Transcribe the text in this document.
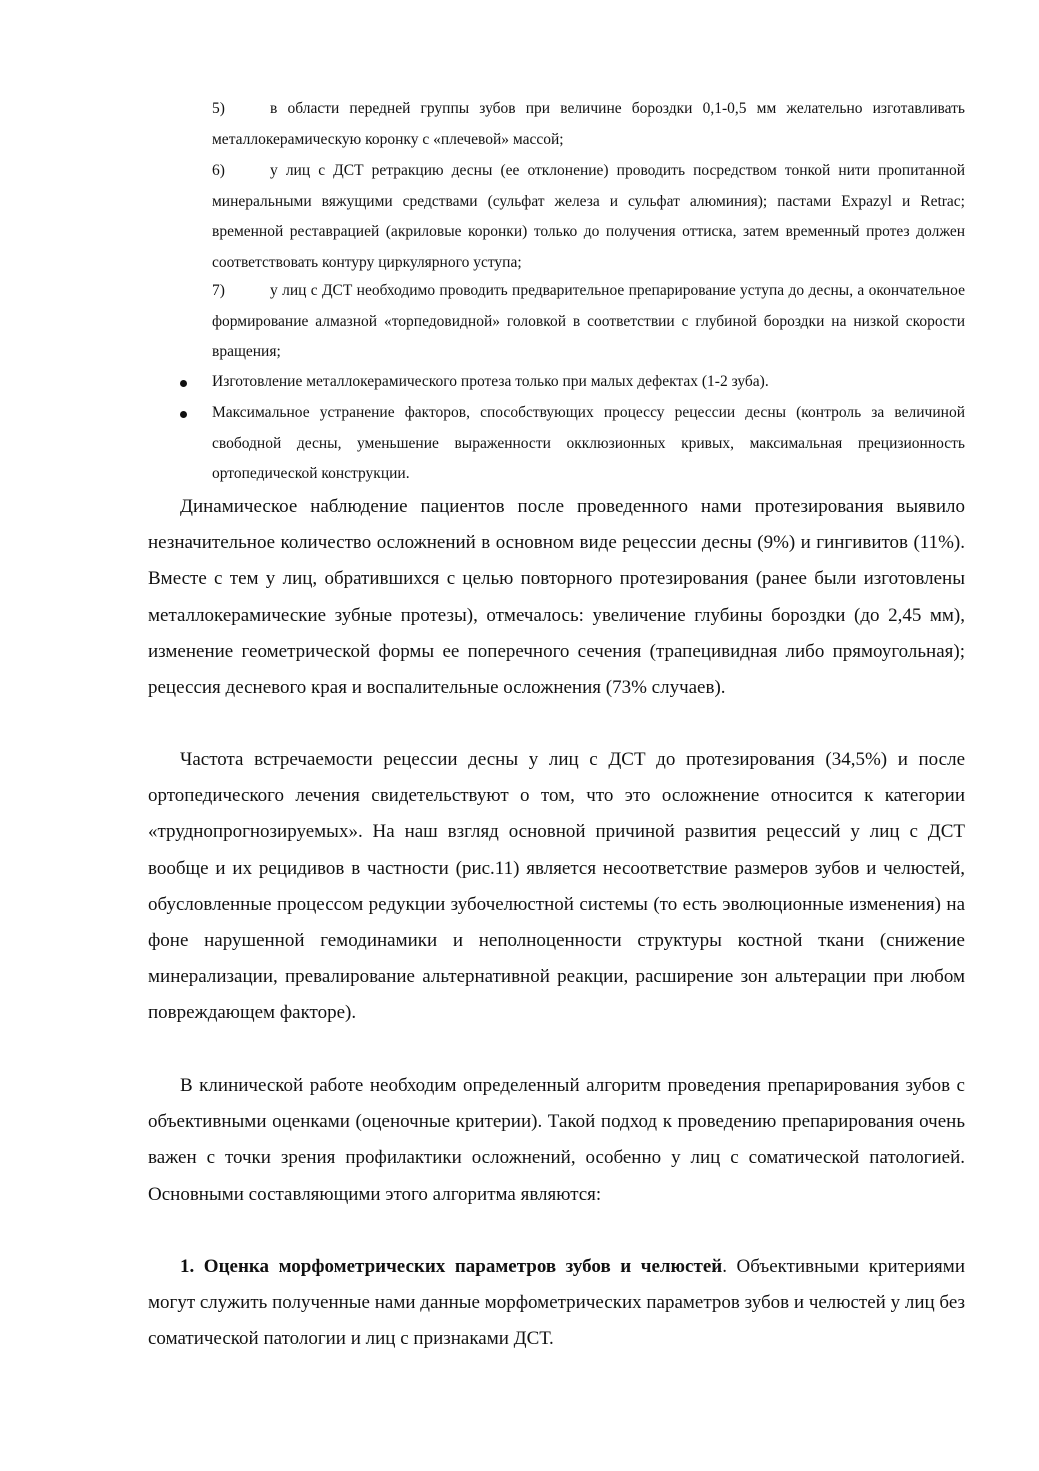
5)	в области передней группы зубов при величине бороздки 0,1-0,5 мм желательно изготавливать металлокерамическую коронку с «плечевой» массой;
6)	у лиц с ДСТ ретракцию десны (ее отклонение) проводить посредством тонкой нити пропитанной минеральными вяжущими средствами (сульфат железа и сульфат алюминия); пастами Expazyl и Retrac; временной реставрацией (акриловые коронки) только до получения оттиска, затем временный протез должен соответствовать контуру циркулярного уступа;
7)	у лиц с ДСТ необходимо проводить предварительное препарирование уступа до десны, а окончательное формирование алмазной «торпедовидной» головкой в соответствии с глубиной бороздки на низкой скорости вращения;
Изготовление металлокерамического протеза только при малых дефектах (1-2 зуба).
Максимальное устранение факторов, способствующих процессу рецессии десны (контроль за величиной свободной десны, уменьшение выраженности окклюзионных кривых, максимальная прецизионность ортопедической конструкции.

Динамическое наблюдение пациентов после проведенного нами протезирования выявило незначительное количество осложнений в основном виде рецессии десны (9%) и гингивитов (11%). Вместе с тем у лиц, обратившихся с целью повторного протезирования (ранее были изготовлены металлокерамические зубные протезы), отмечалось: увеличение глубины бороздки (до 2,45 мм), изменение геометрической формы ее поперечного сечения (трапецивидная либо прямоугольная); рецессия десневого края и воспалительные осложнения (73% случаев).

Частота встречаемости рецессии десны у лиц с ДСТ до протезирования (34,5%) и после ортопедического лечения свидетельствуют о том, что это осложнение относится к категории «труднопрогнозируемых». На наш взгляд основной причиной развития рецессий у лиц с ДСТ вообще и их рецидивов в частности (рис.11) является несоответствие размеров зубов и челюстей, обусловленные процессом редукции зубочелюстной системы (то есть эволюционные изменения) на фоне нарушенной гемодинамики и неполноценности структуры костной ткани (снижение минерализации, превалирование альтернативной реакции, расширение зон альтерации при любом повреждающем факторе).

В клинической работе необходим определенный алгоритм проведения препарирования зубов с объективными оценками (оценочные критерии). Такой подход к проведению препарирования очень важен с точки зрения профилактики осложнений, особенно у лиц с соматической патологией. Основными составляющими этого алгоритма являются:

1. Оценка морфометрических параметров зубов и челюстей. Объективными критериями могут служить полученные нами данные морфометрических параметров зубов и челюстей у лиц без соматической патологии и лиц с признаками ДСТ.
